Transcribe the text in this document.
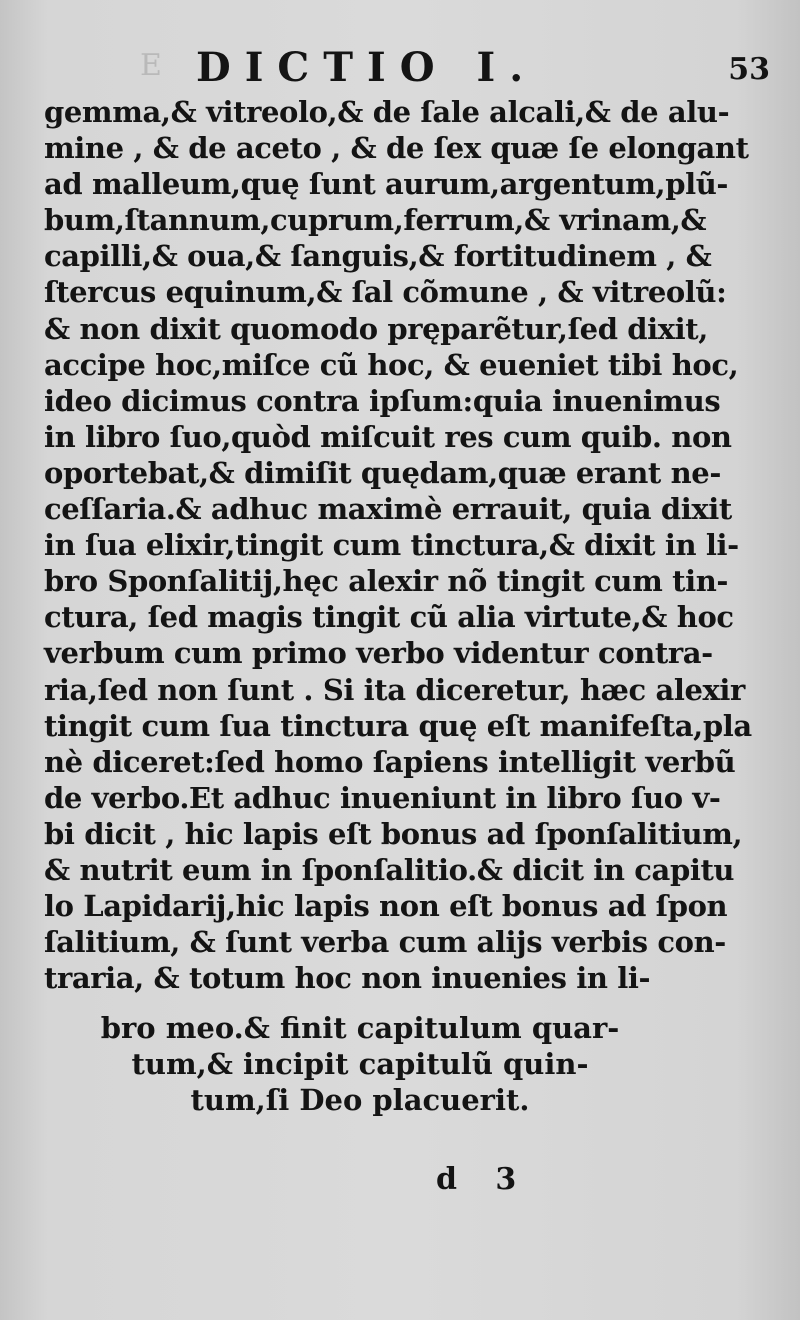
E DICTIO I.	53
gemma,& vitreolo,& de ſale alcali,& de alu-
mine , & de aceto , & de ſex quæ ſe elongant
ad malleum,quę ſunt aurum,argentum,plũ-
bum,ſtannum,cuprum,ferrum,& vrinam,&
capilli,& oua,& ſanguis,& fortitudinem , &
ſtercus equinum,& ſal cõmune , & vitreolũ:
& non dixit quomodo pręparẽtur,ſed dixit,
accipe hoc,miſce cũ hoc, & eueniet tibi hoc,
ideo dicimus contra ipſum:quia inuenimus
in libro ſuo,quòd miſcuit res cum quib. non
oportebat,& dimiſit quędam,quæ erant ne-
ceſſaria.& adhuc maximè errauit, quia dixit
in ſua elixir,tingit cum tinctura,& dixit in li-
bro Sponſalitij,hęc alexir nõ tingit cum tin-
ctura, ſed magis tingit cũ alia virtute,& hoc
verbum cum primo verbo videntur contra-
ria,ſed non ſunt . Si ita diceretur, hæc alexir
tingit cum ſua tinctura quę eſt manifeſta,pla
nè diceret:ſed homo ſapiens intelligit verbũ
de verbo.Et adhuc inueniunt in libro ſuo v-
bi dicit , hic lapis eſt bonus ad ſponſalitium,
& nutrit eum in ſponſalitio.& dicit in capitu
lo Lapidarij,hic lapis non eſt bonus ad ſpon
ſalitium, & ſunt verba cum alijs verbis con-
traria, & totum hoc non inuenies in li-
bro meo.& finit capitulum quar-
tum,& incipit capitulũ quin-
tum,ſi Deo placuerit.
d 3
